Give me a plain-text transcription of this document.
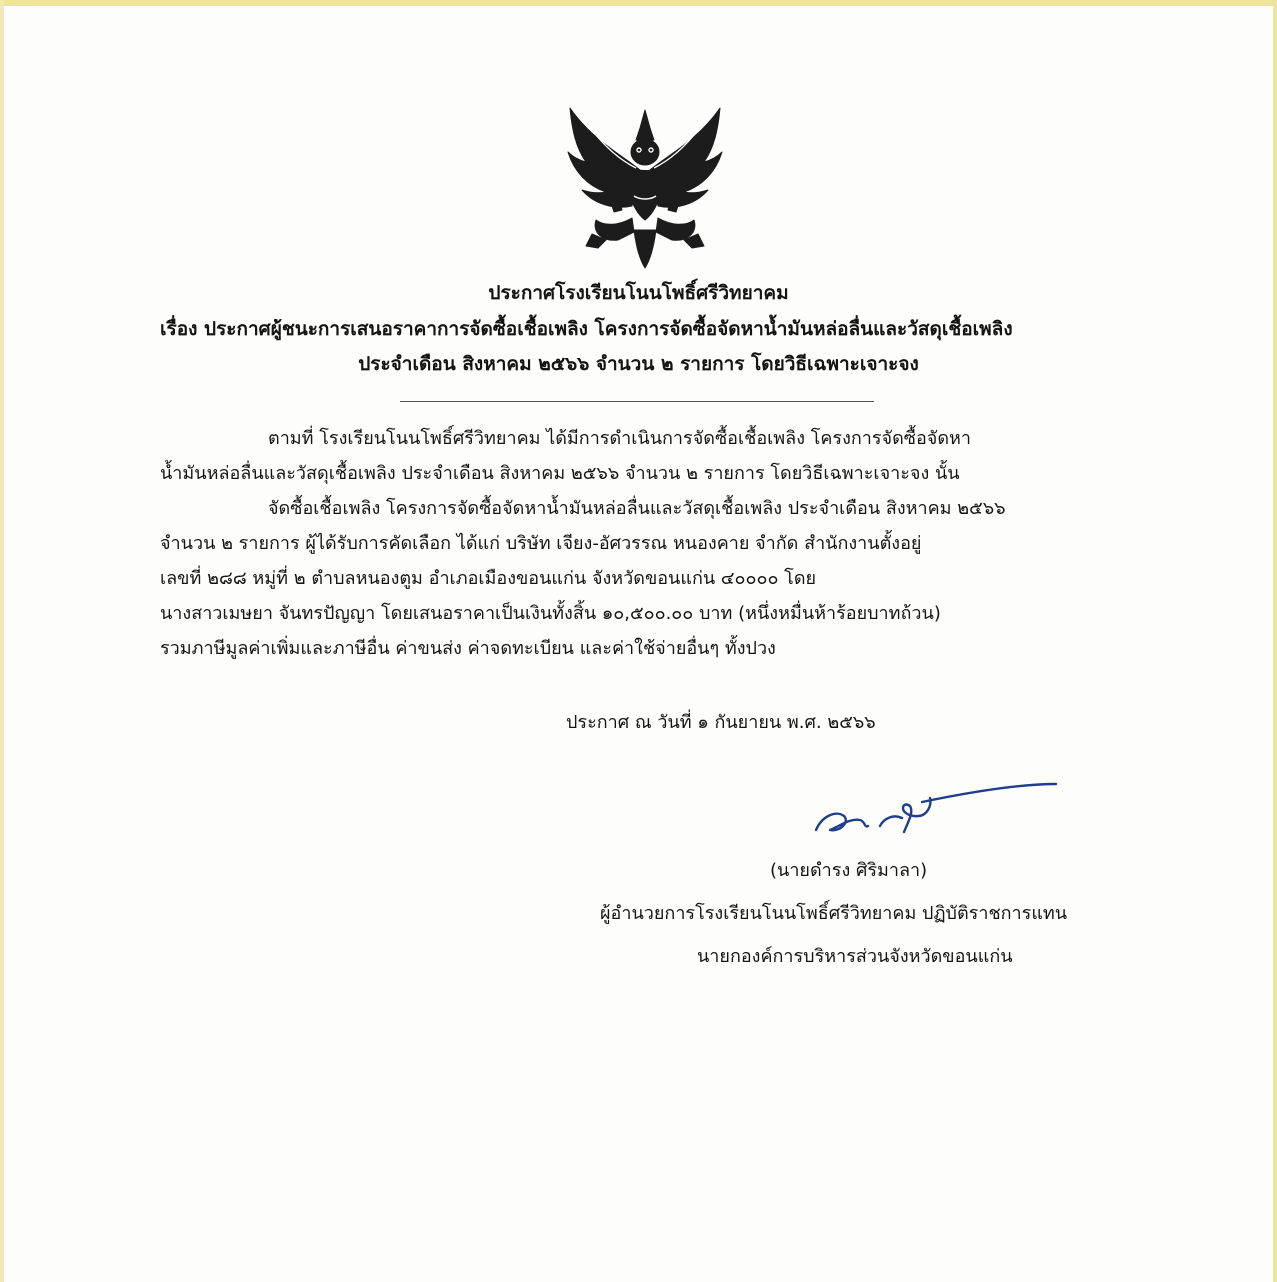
ประกาศโรงเรียนโนนโพธิ์ศรีวิทยาคม
เรื่อง ประกาศผู้ชนะการเสนอราคาการจัดซื้อเชื้อเพลิง โครงการจัดซื้อจัดหาน้ำมันหล่อลื่นและวัสดุเชื้อเพลิง
ประจำเดือน สิงหาคม ๒๕๖๖ จำนวน ๒ รายการ โดยวิธีเฉพาะเจาะจง
ตามที่ โรงเรียนโนนโพธิ์ศรีวิทยาคม ได้มีการดำเนินการจัดซื้อเชื้อเพลิง โครงการจัดซื้อจัดหา
น้ำมันหล่อลื่นและวัสดุเชื้อเพลิง ประจำเดือน สิงหาคม ๒๕๖๖ จำนวน ๒ รายการ โดยวิธีเฉพาะเจาะจง นั้น
จัดซื้อเชื้อเพลิง โครงการจัดซื้อจัดหาน้ำมันหล่อลื่นและวัสดุเชื้อเพลิง ประจำเดือน สิงหาคม ๒๕๖๖
จำนวน ๒ รายการ ผู้ได้รับการคัดเลือก ได้แก่ บริษัท เจียง-อัศวรรณ หนองคาย จำกัด สำนักงานตั้งอยู่
เลขที่ ๒๘๘ หมู่ที่ ๒ ตำบลหนองตูม อำเภอเมืองขอนแก่น จังหวัดขอนแก่น ๔๐๐๐๐ โดย
นางสาวเมษยา จันทรปัญญา โดยเสนอราคาเป็นเงินทั้งสิ้น ๑๐,๕๐๐.๐๐ บาท (หนึ่งหมื่นห้าร้อยบาทถ้วน)
รวมภาษีมูลค่าเพิ่มและภาษีอื่น ค่าขนส่ง ค่าจดทะเบียน และค่าใช้จ่ายอื่นๆ ทั้งปวง
ประกาศ ณ วันที่ ๑ กันยายน พ.ศ. ๒๕๖๖
(นายดำรง ศิริมาลา)
ผู้อำนวยการโรงเรียนโนนโพธิ์ศรีวิทยาคม ปฏิบัติราชการแทน
นายกองค์การบริหารส่วนจังหวัดขอนแก่น
